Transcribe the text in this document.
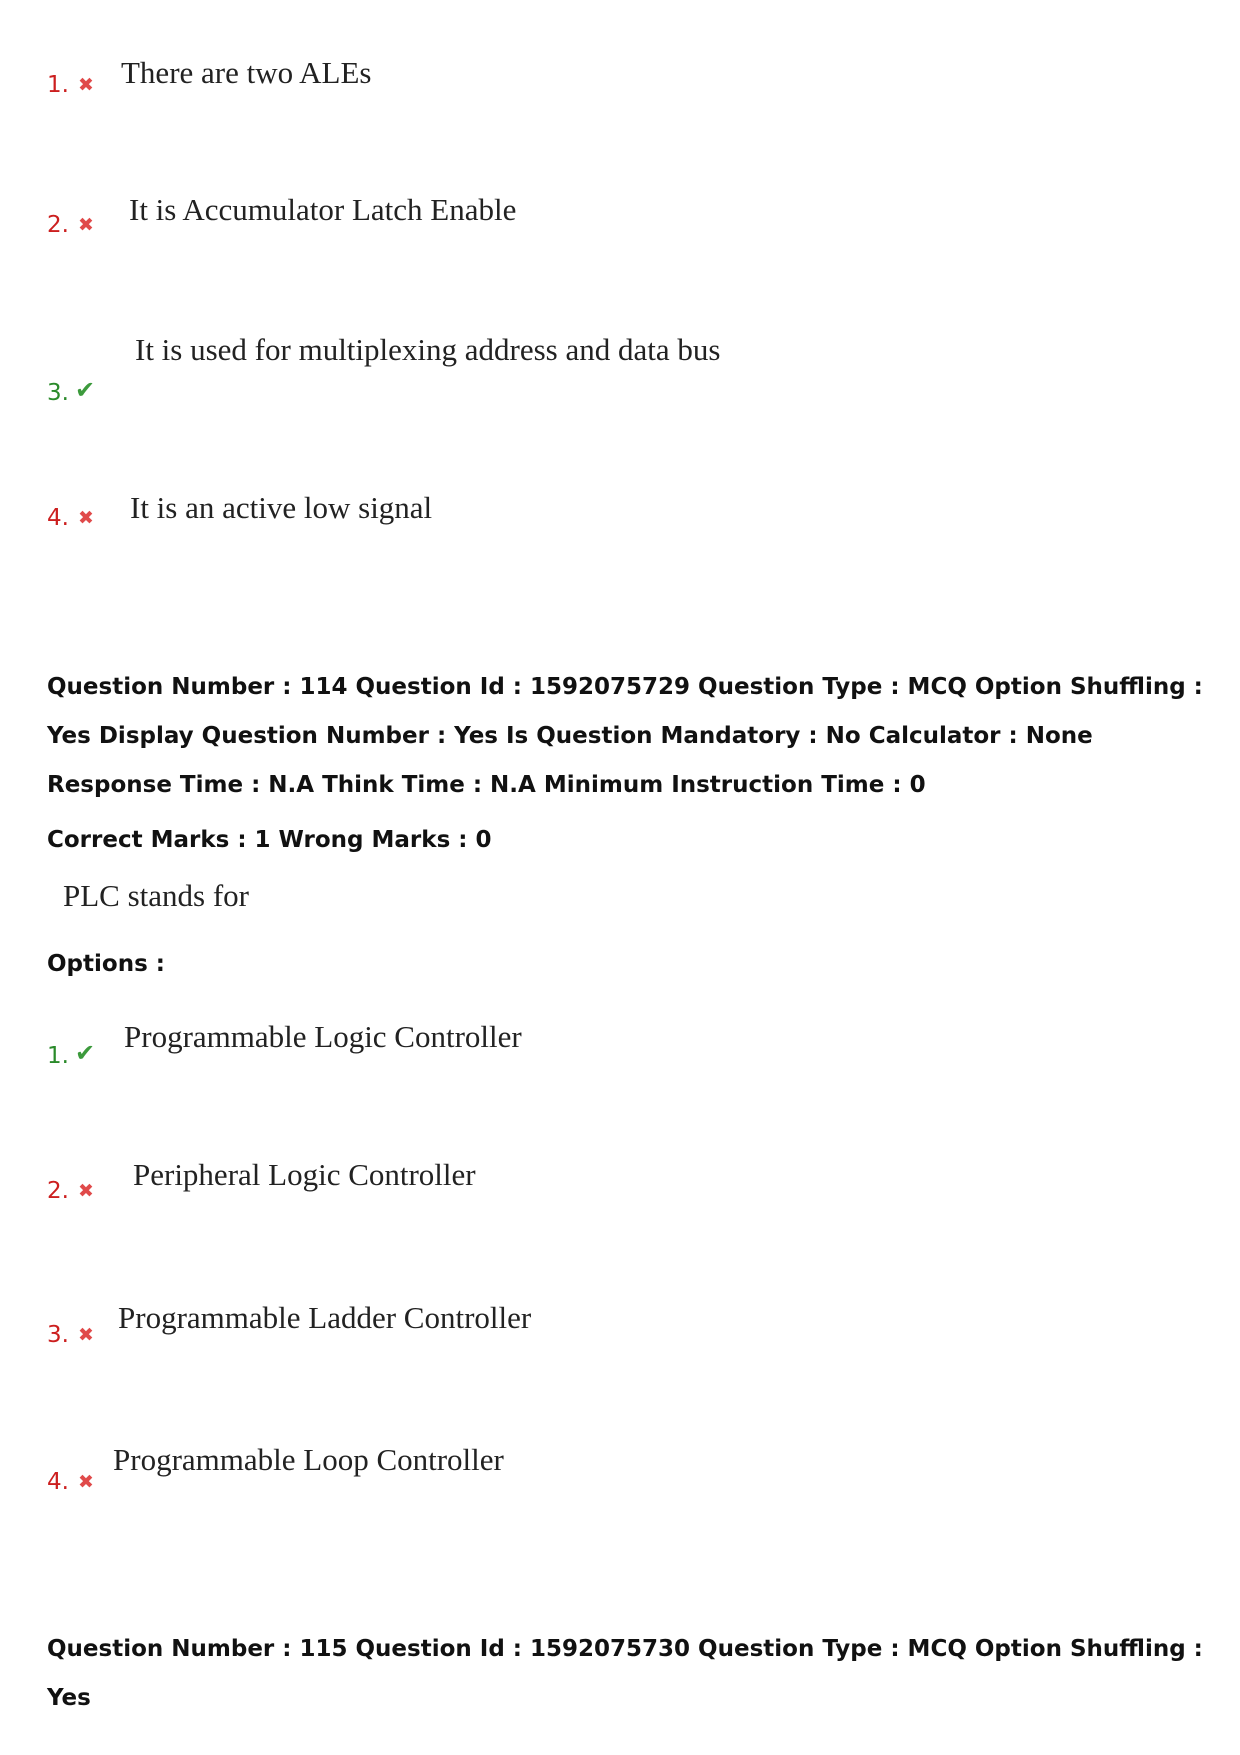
1. ✖ There are two ALEs
2. ✖ It is Accumulator Latch Enable
3. ✔
It is used for multiplexing address and data bus
4. ✖ It is an active low signal
Question Number : 114 Question Id : 1592075729 Question Type : MCQ Option Shuffling : Yes Display Question Number : Yes Is Question Mandatory : No Calculator : None Response Time : N.A Think Time : N.A Minimum Instruction Time : 0
Correct Marks : 1 Wrong Marks : 0
PLC stands for
Options :
1. ✔ Programmable Logic Controller
2. ✖ Peripheral Logic Controller
3. ✖ Programmable Ladder Controller
4. ✖
Programmable Loop Controller
Question Number : 115 Question Id : 1592075730 Question Type : MCQ Option Shuffling : Yes
